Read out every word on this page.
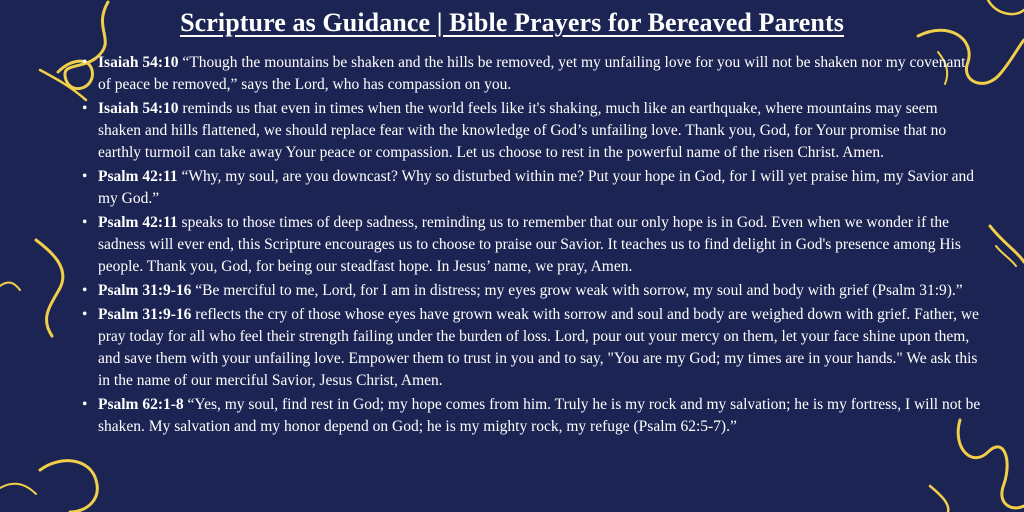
Scripture as Guidance | Bible Prayers for Bereaved Parents
• Isaiah 54:10 “Though the mountains be shaken and the hills be removed, yet my unfailing love for you will not be shaken nor my covenant of peace be removed,” says the Lord, who has compassion on you.
• Isaiah 54:10 reminds us that even in times when the world feels like it's shaking, much like an earthquake, where mountains may seem shaken and hills flattened, we should replace fear with the knowledge of God’s unfailing love. Thank you, God, for Your promise that no earthly turmoil can take away Your peace or compassion. Let us choose to rest in the powerful name of the risen Christ. Amen.
• Psalm 42:11 “Why, my soul, are you downcast? Why so disturbed within me? Put your hope in God, for I will yet praise him, my Savior and my God.”
• Psalm 42:11 speaks to those times of deep sadness, reminding us to remember that our only hope is in God. Even when we wonder if the sadness will ever end, this Scripture encourages us to choose to praise our Savior. It teaches us to find delight in God's presence among His people. Thank you, God, for being our steadfast hope. In Jesus’ name, we pray, Amen.
• Psalm 31:9-16 “Be merciful to me, Lord, for I am in distress; my eyes grow weak with sorrow, my soul and body with grief (Psalm 31:9).”
• Psalm 31:9-16 reflects the cry of those whose eyes have grown weak with sorrow and soul and body are weighed down with grief. Father, we pray today for all who feel their strength failing under the burden of loss. Lord, pour out your mercy on them, let your face shine upon them, and save them with your unfailing love. Empower them to trust in you and to say, "You are my God; my times are in your hands." We ask this in the name of our merciful Savior, Jesus Christ, Amen.
• Psalm 62:1-8 “Yes, my soul, find rest in God; my hope comes from him. Truly he is my rock and my salvation; he is my fortress, I will not be shaken. My salvation and my honor depend on God; he is my mighty rock, my refuge (Psalm 62:5-7).”
